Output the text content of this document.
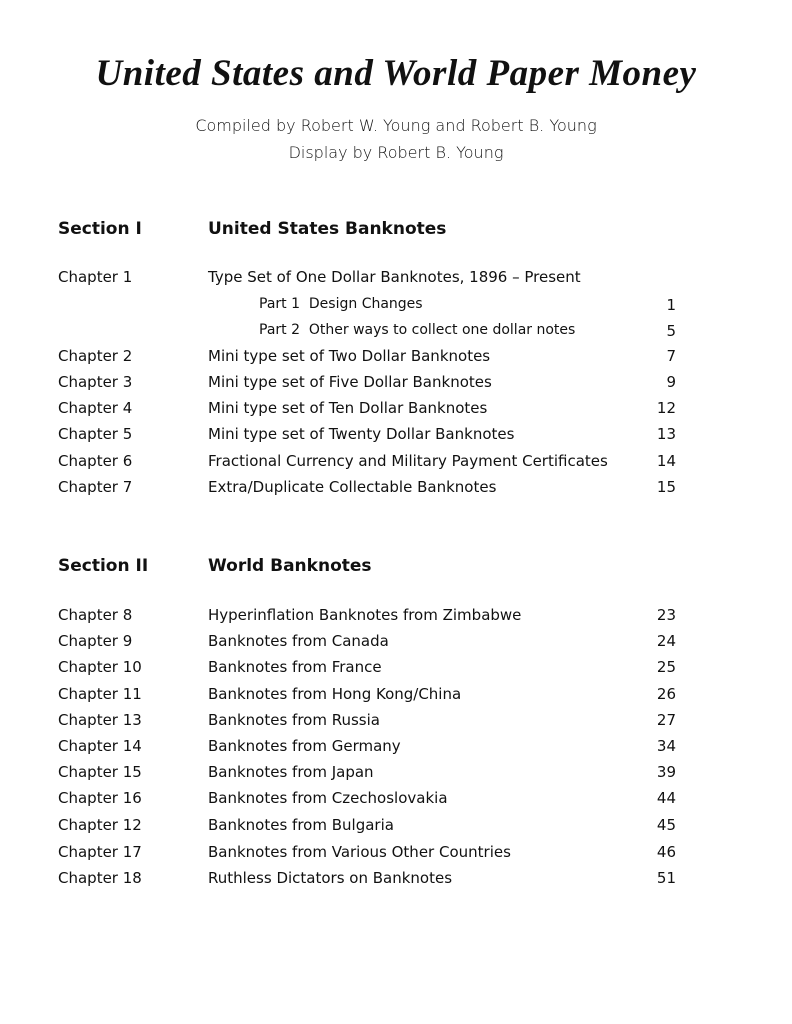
United States and World Paper Money
Compiled by Robert W. Young and Robert B. Young
Display by Robert B. Young
Section I	United States Banknotes
Chapter 1	Type Set of One Dollar Banknotes, 1896 – Present
Part 1 Design Changes	1
Part 2 Other ways to collect one dollar notes	5
Chapter 2	Mini type set of Two Dollar Banknotes	7
Chapter 3	Mini type set of Five Dollar Banknotes	9
Chapter 4	Mini type set of Ten Dollar Banknotes	12
Chapter 5	Mini type set of Twenty Dollar Banknotes	13
Chapter 6	Fractional Currency and Military Payment Certificates	14
Chapter 7	Extra/Duplicate Collectable Banknotes	15
Section II	World Banknotes
Chapter 8	Hyperinflation Banknotes from Zimbabwe	23
Chapter 9	Banknotes from Canada	24
Chapter 10	Banknotes from France	25
Chapter 11	Banknotes from Hong Kong/China	26
Chapter 13	Banknotes from Russia	27
Chapter 14	Banknotes from Germany	34
Chapter 15	Banknotes from Japan	39
Chapter 16	Banknotes from Czechoslovakia	44
Chapter 12	Banknotes from Bulgaria	45
Chapter 17	Banknotes from Various Other Countries	46
Chapter 18	Ruthless Dictators on Banknotes	51
